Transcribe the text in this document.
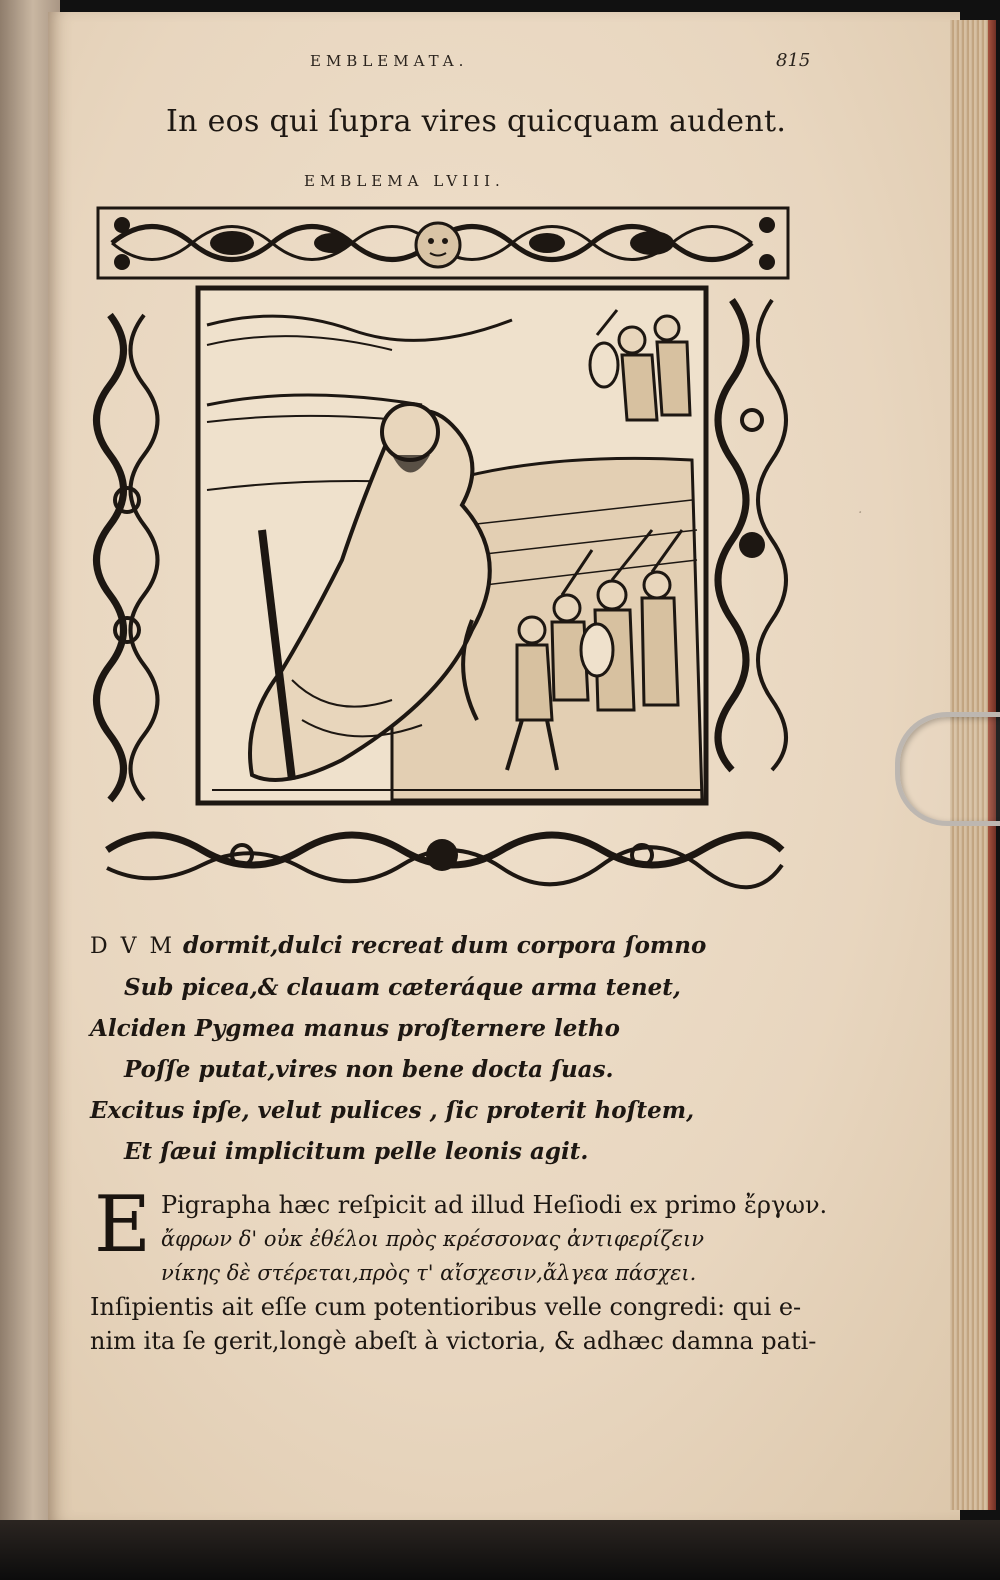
·
EMBLEMATA.	815
In eos qui ſupra vires quicquam audent.
EMBLEMA LVIII.
D V M dormit,dulci recreat dum corpora ſomno
Sub picea,& clauam cæteráque arma tenet,
Alciden Pygmea manus proſternere letho
Poſſe putat,vires non bene docta ſuas.
Excitus ipſe, velut pulices , ſic proterit hoſtem,
Et ſæui implicitum pelle leonis agit.
E Pigrapha hæc reſpicit ad illud Heſiodi ex primo ἔργων.
ἄφρων δ' οὐκ ἐθέλοι πρὸς κρέσσονας ἀντιφερίζειν
νίκης δὲ στέρεται,πρὸς τ' αἴσχεσιν,ἄλγεα πάσχει.
Inſipientis ait eſſe cum potentioribus velle congredi: qui e-
nim ita ſe gerit,longè abeſt à victoria, & adhæc damna pati-
